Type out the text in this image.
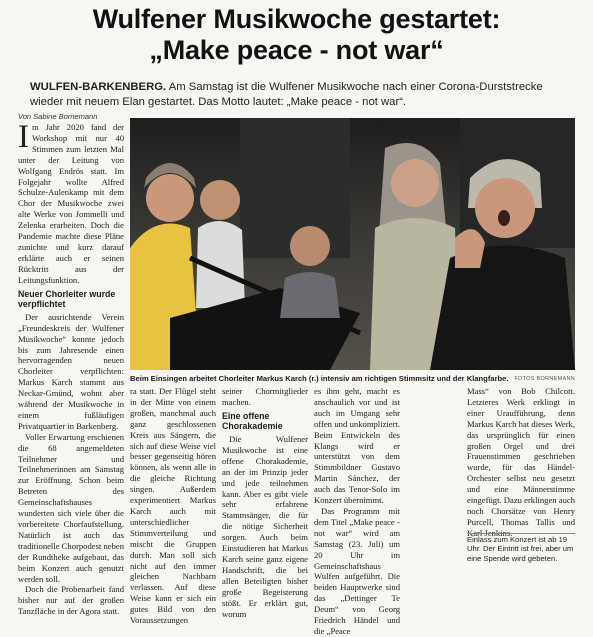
Wulfener Musikwoche gestartet:
„Make peace - not war“
WULFEN-BARKENBERG. Am Samstag ist die Wulfener Musikwoche nach einer Corona-Durststrecke wieder mit neuem Elan gestartet. Das Motto lautet: „Make peace - not war“.
Von Sabine Bornemann

Im Jahr 2020 fand der Workshop mit nur 40 Stimmen zum letzten Mal unter der Leitung von Wolfgang Endrös statt. Im Folgejahr wollte Alfred Schulze-Aulenkamp mit dem Chor der Musikwoche zwei alte Werke von Jommelli und Zelenka erarbeiten. Doch die Pandemie machte diese Pläne zunichte und kurz darauf erklärte auch er seinen Rücktritt aus der Leitungsfunktion.

Neuer Chorleiter wurde verpflichtet

Der ausrichtende Verein „Freundeskreis der Wulfener Musikwoche“ konnte jedoch bis zum Jahresende einen hervorragenden neuen Chorleiter verpflichten: Markus Karch stammt aus Neckar-Gmünd, wohnt aber während der Musikwoche in einem fußläufigen Privatquartier in Barkenberg.

Voller Erwartung erschienen die 68 angemeldeten Teilnehmer und Teilnehmerinnen am Samstag zur Eröffnung. Schon beim Betreten des Gemeinschaftshauses wunderten sich viele über die vorbereitete Chorfaufstellung. Natürlich ist auch das traditionelle Chorpodest neben der Rundtheke aufgebaut, das beim Konzert auch genutzt werden soll.

Doch die Probenarbeit fand bisher nur auf der großen Tanzfläche in der Agora statt.

Beim Einsingen arbeitet Chorleiter Markus Karch (r.) intensiv am richtigen Stimmsitz und der Klangfarbe.	FOTOS BORNEMANN

ra statt. Der Flügel steht in der Mitte von einem großen, manchmal auch ganz geschlossenen Kreis aus Sängern, die sich auf diese Weise viel besser gegenseitig hören können, als wenn alle in die gleiche Richtung singen. Außerdem experimentiert Markus Karch auch mit unterschiedlicher Stimmverteilung und mischt die Gruppen durch. Man soll sich nicht auf den immer gleichen Nachbarn verlassen. Auf diese Weise kann er sich ein gutes Bild von den Voraussetzungen

seiner Chormitglieder machen.

Eine offene Chorakademie

Die Wulfener Musikwoche ist eine offene Chorakademie, an der im Prinzip jeder und jede teilnehmen kann. Aber es gibt viele sehr erfahrene Stammsänger, die für die nötige Sicherheit sorgen. Auch beim Einstudieren hat Markus Karch seine ganz eigene Handschrift, die bei allen Beteiligten bisher große Begeisterung stößt. Er erklärt gut, worum

es ihm geht, macht es anschaulich vor und ist auch im Umgang sehr offen und unkompliziert. Beim Entwickeln des Klangs wird er unterstützt von dem Stimmbildner Gustavo Martin Sánchez, der auch das Tenor-Solo im Konzert übernimmt.

Das Programm mit dem Titel „Make peace - not war“ wird am Samstag (23. Juli) um 20 Uhr im Gemeinschaftshaus Wulfen aufgeführt. Die beiden Hauptwerke sind das „Dettinger Te Deum“ von Georg Friedrich Händel und die „Peace

Mass“ von Bob Chilcott. Letzteres Werk erklingt in einer Uraufführung, denn Markus Karch hat dieses Werk, das ursprünglich für einen großen Orgel und drei Frauenstimmen geschrieben wurde, für das Händel-Orchester selbst neu gesetzt und eine Männerstimme eingefügt. Dazu erklingen auch noch Chorsätze von Henry Purcell, Thomas Tallis und Karl Jenkins.

Einlass zum Konzert ist ab 19 Uhr. Der Eintritt ist frei, aber um eine Spende wird gebeten.
